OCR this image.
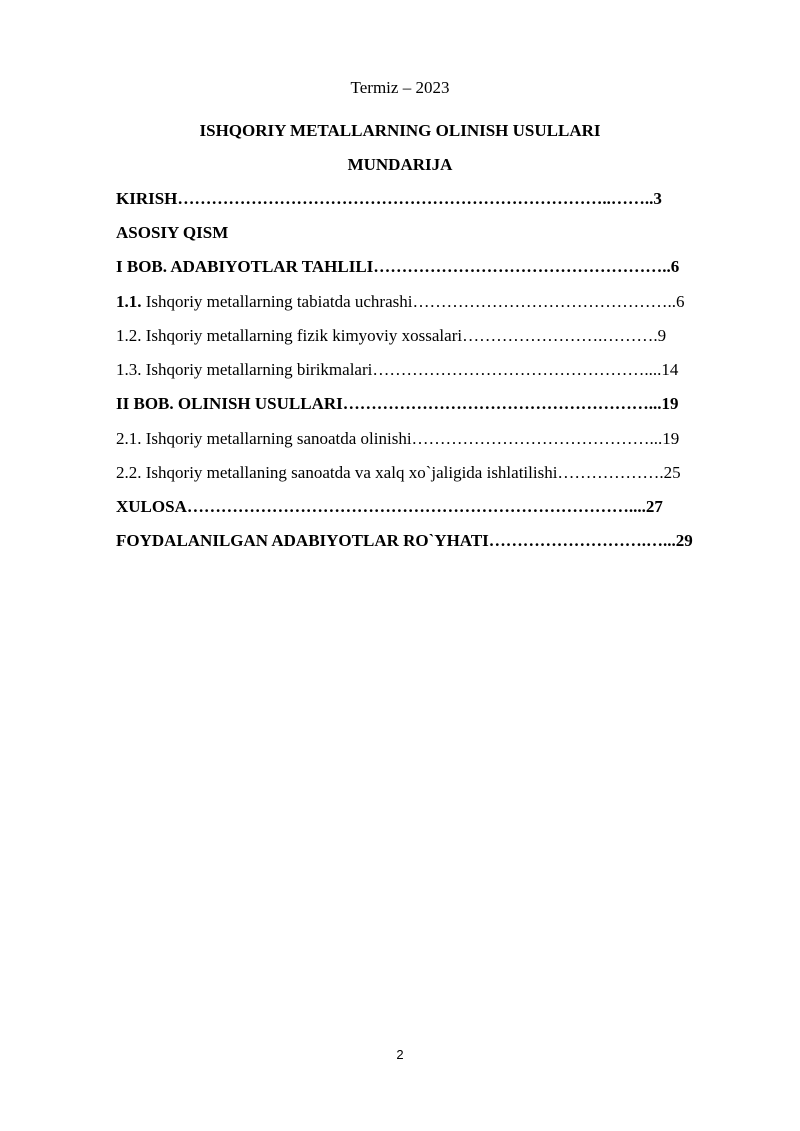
Termiz – 2023
ISHQORIY METALLARNING OLINISH USULLARI
MUNDARIJA
KIRISH…………………………………………………………………..……..3
ASOSIY QISM
I BOB. ADABIYOTLAR TAHLILI……………………………………………..6
1.1. Ishqoriy metallarning tabiatda uchrashi………………………………………..6
1.2. Ishqoriy metallarning fizik kimyoviy xossalari…………………….……….9
1.3. Ishqoriy metallarning birikmalari…………………………………………....14
II BOB. OLINISH USULLARI………………………………………………...19
2.1. Ishqoriy metallarning sanoatda olinishi……………………………………...19
2.2. Ishqoriy metallaning sanoatda va xalq xo`jaligida ishlatilishi……………….25
XULOSA……………………………………………………………………....27
FOYDALANILGAN ADABIYOTLAR RO`YHATI……………………….…...29
2
